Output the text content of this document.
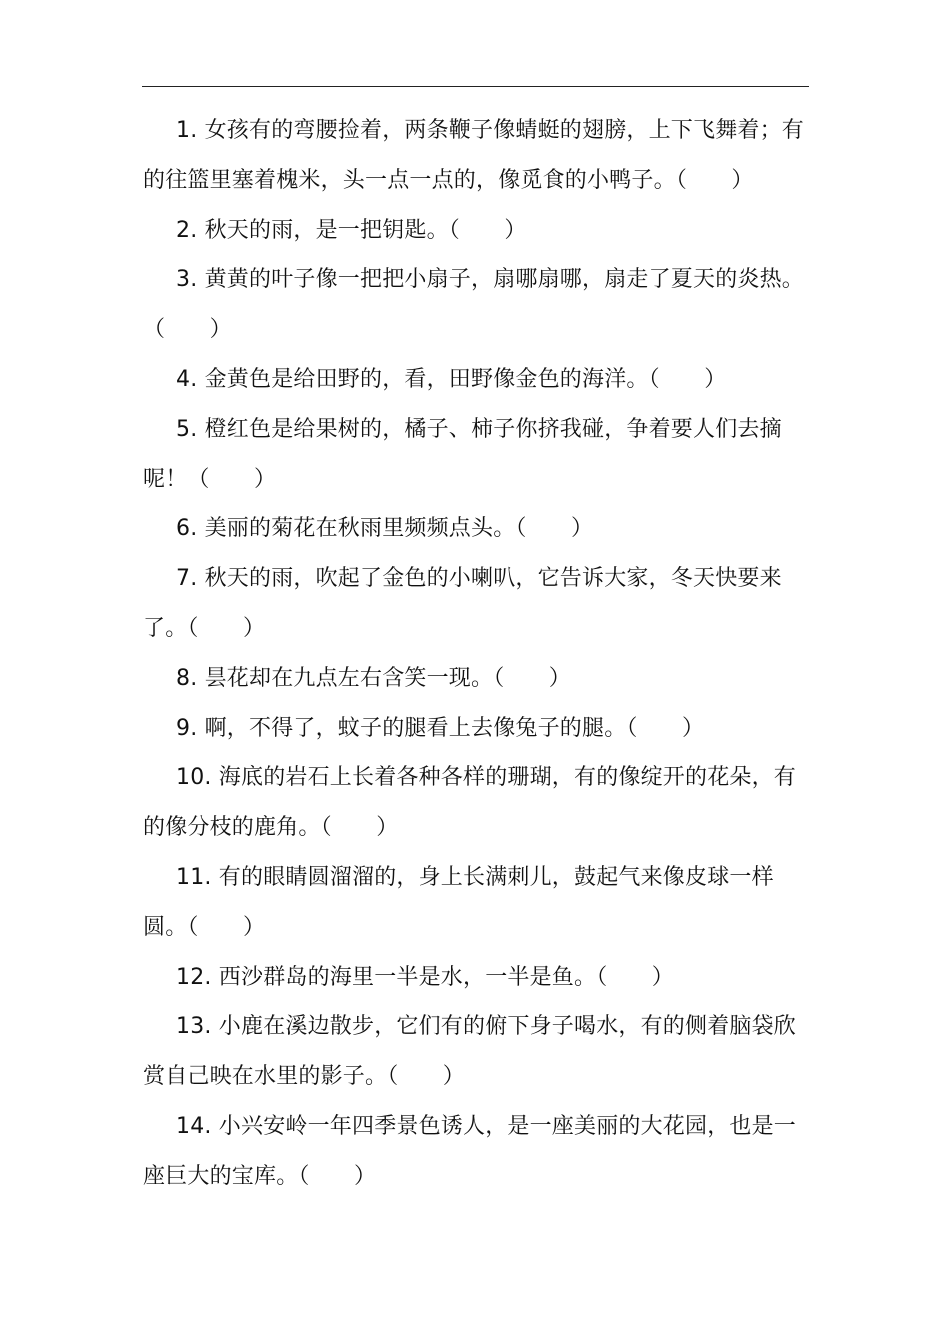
1. 女孩有的弯腰捡着，两条鞭子像蜻蜓的翅膀，上下飞舞着；有的往篮里塞着槐米，头一点一点的，像觅食的小鸭子。（　　）

2. 秋天的雨，是一把钥匙。（　　）

3. 黄黄的叶子像一把把小扇子，扇哪扇哪，扇走了夏天的炎热。（　　）

4. 金黄色是给田野的，看，田野像金色的海洋。（　　）

5. 橙红色是给果树的，橘子、柿子你挤我碰，争着要人们去摘呢！（　　）

6. 美丽的菊花在秋雨里频频点头。（　　）

7. 秋天的雨，吹起了金色的小喇叭，它告诉大家，冬天快要来了。（　　）

8. 昙花却在九点左右含笑一现。（　　）

9. 啊，不得了，蚊子的腿看上去像兔子的腿。（　　）

10. 海底的岩石上长着各种各样的珊瑚，有的像绽开的花朵，有的像分枝的鹿角。（　　）

11. 有的眼睛圆溜溜的，身上长满刺儿，鼓起气来像皮球一样圆。（　　）

12. 西沙群岛的海里一半是水，一半是鱼。（　　）

13. 小鹿在溪边散步，它们有的俯下身子喝水，有的侧着脑袋欣赏自己映在水里的影子。（　　）

14. 小兴安岭一年四季景色诱人，是一座美丽的大花园，也是一座巨大的宝库。（　　）
